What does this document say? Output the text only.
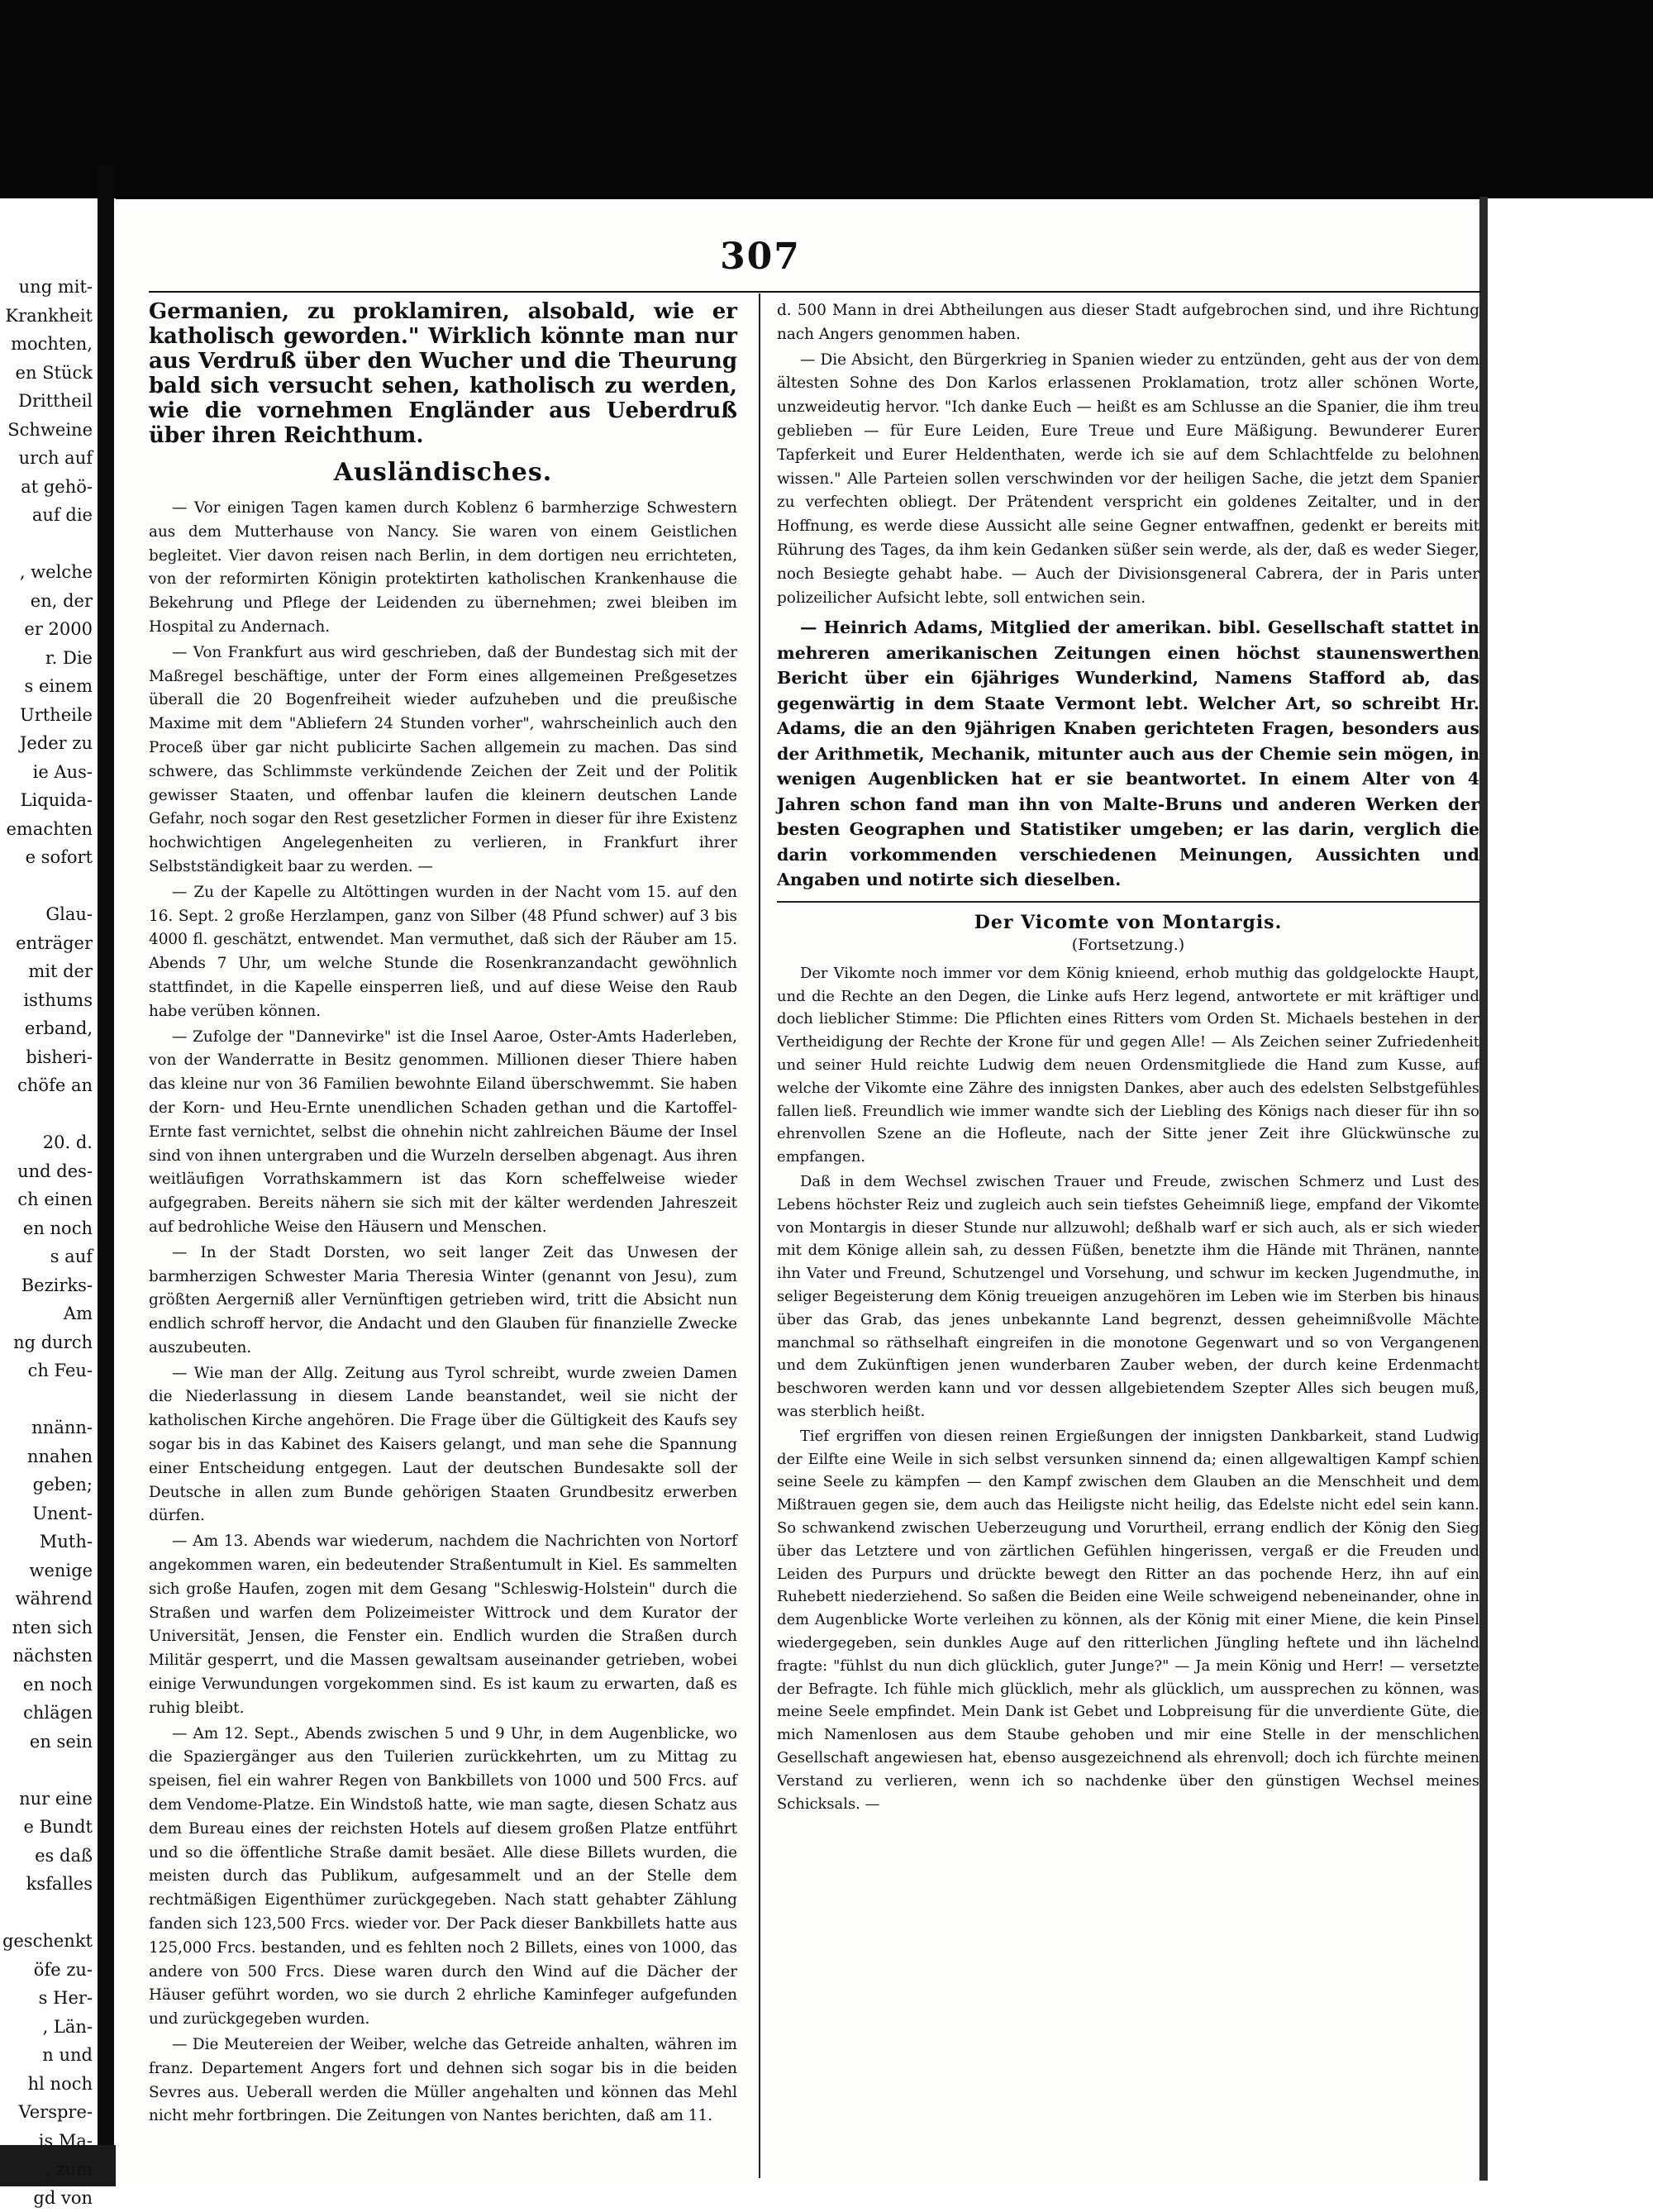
ung mit-
Krankheit
mochten,
en Stück
Drittheil
Schweine
urch auf
at gehö-
auf die
, welche
en, der
er 2000
r. Die
s einem
Urtheile
Jeder zu
ie Aus-
Liquida-
emachten
e sofort
Glau-
enträger
mit der
isthums
erband,
bisheri-
chöfe an
20. d.
und des-
ch einen
en noch
s auf
Bezirks-
Am
ng durch
ch Feu-
nnänn-
nnahen
geben;
Unent-
Muth-
wenige
während
nten sich
nächsten
en noch
chlägen
en sein
nur eine
e Bundt
es daß
ksfalles
geschenkt
öfe zu-
s Her-
, Län-
n und
hl noch
Verspre-
is Ma-
, zum
gd von
307

Germanien, zu proklamiren, alsobald, wie er katholisch geworden." Wirklich könnte man nur aus Verdruß über den Wucher und die Theurung bald sich versucht sehen, katholisch zu werden, wie die vornehmen Engländer aus Ueberdruß über ihren Reichthum.

Ausländisches.

— Vor einigen Tagen kamen durch Koblenz 6 barmherzige Schwestern aus dem Mutterhause von Nancy. Sie waren von einem Geistlichen begleitet. Vier davon reisen nach Berlin, in dem dortigen neu errichteten, von der reformirten Königin protektirten katholischen Krankenhause die Bekehrung und Pflege der Leidenden zu übernehmen; zwei bleiben im Hospital zu Andernach.

— Von Frankfurt aus wird geschrieben, daß der Bundestag sich mit der Maßregel beschäftige, unter der Form eines allgemeinen Preßgesetzes überall die 20 Bogenfreiheit wieder aufzuheben und die preußische Maxime mit dem "Abliefern 24 Stunden vorher", wahrscheinlich auch den Proceß über gar nicht publicirte Sachen allgemein zu machen. Das sind schwere, das Schlimmste verkündende Zeichen der Zeit und der Politik gewisser Staaten, und offenbar laufen die kleinern deutschen Lande Gefahr, noch sogar den Rest gesetzlicher Formen in dieser für ihre Existenz hochwichtigen Angelegenheiten zu verlieren, in Frankfurt ihrer Selbstständigkeit baar zu werden. —

— Zu der Kapelle zu Altöttingen wurden in der Nacht vom 15. auf den 16. Sept. 2 große Herzlampen, ganz von Silber (48 Pfund schwer) auf 3 bis 4000 fl. geschätzt, entwendet. Man vermuthet, daß sich der Räuber am 15. Abends 7 Uhr, um welche Stunde die Rosenkranzandacht gewöhnlich stattfindet, in die Kapelle einsperren ließ, und auf diese Weise den Raub habe verüben können.

— Zufolge der "Dannevirke" ist die Insel Aaroe, Oster-Amts Haderleben, von der Wanderratte in Besitz genommen. Millionen dieser Thiere haben das kleine nur von 36 Familien bewohnte Eiland überschwemmt. Sie haben der Korn- und Heu-Ernte unendlichen Schaden gethan und die Kartoffel-Ernte fast vernichtet, selbst die ohnehin nicht zahlreichen Bäume der Insel sind von ihnen untergraben und die Wurzeln derselben abgenagt. Aus ihren weitläufigen Vorrathskammern ist das Korn scheffelweise wieder aufgegraben. Bereits nähern sie sich mit der kälter werdenden Jahreszeit auf bedrohliche Weise den Häusern und Menschen.

— In der Stadt Dorsten, wo seit langer Zeit das Unwesen der barmherzigen Schwester Maria Theresia Winter (genannt von Jesu), zum größten Aergerniß aller Vernünftigen getrieben wird, tritt die Absicht nun endlich schroff hervor, die Andacht und den Glauben für finanzielle Zwecke auszubeuten.

— Wie man der Allg. Zeitung aus Tyrol schreibt, wurde zweien Damen die Niederlassung in diesem Lande beanstandet, weil sie nicht der katholischen Kirche angehören. Die Frage über die Gültigkeit des Kaufs sey sogar bis in das Kabinet des Kaisers gelangt, und man sehe die Spannung einer Entscheidung entgegen. Laut der deutschen Bundesakte soll der Deutsche in allen zum Bunde gehörigen Staaten Grundbesitz erwerben dürfen.

— Am 13. Abends war wiederum, nachdem die Nachrichten von Nortorf angekommen waren, ein bedeutender Straßentumult in Kiel. Es sammelten sich große Haufen, zogen mit dem Gesang "Schleswig-Holstein" durch die Straßen und warfen dem Polizeimeister Wittrock und dem Kurator der Universität, Jensen, die Fenster ein. Endlich wurden die Straßen durch Militär gesperrt, und die Massen gewaltsam auseinander getrieben, wobei einige Verwundungen vorgekommen sind. Es ist kaum zu erwarten, daß es ruhig bleibt.

— Am 12. Sept., Abends zwischen 5 und 9 Uhr, in dem Augenblicke, wo die Spaziergänger aus den Tuilerien zurückkehrten, um zu Mittag zu speisen, fiel ein wahrer Regen von Bankbillets von 1000 und 500 Frcs. auf dem Vendome-Platze. Ein Windstoß hatte, wie man sagte, diesen Schatz aus dem Bureau eines der reichsten Hotels auf diesem großen Platze entführt und so die öffentliche Straße damit besäet. Alle diese Billets wurden, die meisten durch das Publikum, aufgesammelt und an der Stelle dem rechtmäßigen Eigenthümer zurückgegeben. Nach statt gehabter Zählung fanden sich 123,500 Frcs. wieder vor. Der Pack dieser Bankbillets hatte aus 125,000 Frcs. bestanden, und es fehlten noch 2 Billets, eines von 1000, das andere von 500 Frcs. Diese waren durch den Wind auf die Dächer der Häuser geführt worden, wo sie durch 2 ehrliche Kaminfeger aufgefunden und zurückgegeben wurden.

— Die Meutereien der Weiber, welche das Getreide anhalten, währen im franz. Departement Angers fort und dehnen sich sogar bis in die beiden Sevres aus. Ueberall werden die Müller angehalten und können das Mehl nicht mehr fortbringen. Die Zeitungen von Nantes berichten, daß am 11.

d. 500 Mann in drei Abtheilungen aus dieser Stadt aufgebrochen sind, und ihre Richtung nach Angers genommen haben.

— Die Absicht, den Bürgerkrieg in Spanien wieder zu entzünden, geht aus der von dem ältesten Sohne des Don Karlos erlassenen Proklamation, trotz aller schönen Worte, unzweideutig hervor. "Ich danke Euch — heißt es am Schlusse an die Spanier, die ihm treu geblieben — für Eure Leiden, Eure Treue und Eure Mäßigung. Bewunderer Eurer Tapferkeit und Eurer Heldenthaten, werde ich sie auf dem Schlachtfelde zu belohnen wissen." Alle Parteien sollen verschwinden vor der heiligen Sache, die jetzt dem Spanier zu verfechten obliegt. Der Prätendent verspricht ein goldenes Zeitalter, und in der Hoffnung, es werde diese Aussicht alle seine Gegner entwaffnen, gedenkt er bereits mit Rührung des Tages, da ihm kein Gedanken süßer sein werde, als der, daß es weder Sieger, noch Besiegte gehabt habe. — Auch der Divisionsgeneral Cabrera, der in Paris unter polizeilicher Aufsicht lebte, soll entwichen sein.

— Heinrich Adams, Mitglied der amerikan. bibl. Gesellschaft stattet in mehreren amerikanischen Zeitungen einen höchst staunenswerthen Bericht über ein 6jähriges Wunderkind, Namens Stafford ab, das gegenwärtig in dem Staate Vermont lebt. Welcher Art, so schreibt Hr. Adams, die an den 9jährigen Knaben gerichteten Fragen, besonders aus der Arithmetik, Mechanik, mitunter auch aus der Chemie sein mögen, in wenigen Augenblicken hat er sie beantwortet. In einem Alter von 4 Jahren schon fand man ihn von Malte-Bruns und anderen Werken der besten Geographen und Statistiker umgeben; er las darin, verglich die darin vorkommenden verschiedenen Meinungen, Aussichten und Angaben und notirte sich dieselben.

Der Vicomte von Montargis.
(Fortsetzung.)

Der Vikomte noch immer vor dem König knieend, erhob muthig das goldgelockte Haupt, und die Rechte an den Degen, die Linke aufs Herz legend, antwortete er mit kräftiger und doch lieblicher Stimme: Die Pflichten eines Ritters vom Orden St. Michaels bestehen in der Vertheidigung der Rechte der Krone für und gegen Alle! — Als Zeichen seiner Zufriedenheit und seiner Huld reichte Ludwig dem neuen Ordensmitgliede die Hand zum Kusse, auf welche der Vikomte eine Zähre des innigsten Dankes, aber auch des edelsten Selbstgefühles fallen ließ. Freundlich wie immer wandte sich der Liebling des Königs nach dieser für ihn so ehrenvollen Szene an die Hofleute, nach der Sitte jener Zeit ihre Glückwünsche zu empfangen.

Daß in dem Wechsel zwischen Trauer und Freude, zwischen Schmerz und Lust des Lebens höchster Reiz und zugleich auch sein tiefstes Geheimniß liege, empfand der Vikomte von Montargis in dieser Stunde nur allzuwohl; deßhalb warf er sich auch, als er sich wieder mit dem Könige allein sah, zu dessen Füßen, benetzte ihm die Hände mit Thränen, nannte ihn Vater und Freund, Schutzengel und Vorsehung, und schwur im kecken Jugendmuthe, in seliger Begeisterung dem König treueigen anzugehören im Leben wie im Sterben bis hinaus über das Grab, das jenes unbekannte Land begrenzt, dessen geheimnißvolle Mächte manchmal so räthselhaft eingreifen in die monotone Gegenwart und so von Vergangenen und dem Zukünftigen jenen wunderbaren Zauber weben, der durch keine Erdenmacht beschworen werden kann und vor dessen allgebietendem Szepter Alles sich beugen muß, was sterblich heißt.

Tief ergriffen von diesen reinen Ergießungen der innigsten Dankbarkeit, stand Ludwig der Eilfte eine Weile in sich selbst versunken sinnend da; einen allgewaltigen Kampf schien seine Seele zu kämpfen — den Kampf zwischen dem Glauben an die Menschheit und dem Mißtrauen gegen sie, dem auch das Heiligste nicht heilig, das Edelste nicht edel sein kann. So schwankend zwischen Ueberzeugung und Vorurtheil, errang endlich der König den Sieg über das Letztere und von zärtlichen Gefühlen hingerissen, vergaß er die Freuden und Leiden des Purpurs und drückte bewegt den Ritter an das pochende Herz, ihn auf ein Ruhebett niederziehend. So saßen die Beiden eine Weile schweigend nebeneinander, ohne in dem Augenblicke Worte verleihen zu können, als der König mit einer Miene, die kein Pinsel wiedergegeben, sein dunkles Auge auf den ritterlichen Jüngling heftete und ihn lächelnd fragte: "fühlst du nun dich glücklich, guter Junge?" — Ja mein König und Herr! — versetzte der Befragte. Ich fühle mich glücklich, mehr als glücklich, um aussprechen zu können, was meine Seele empfindet. Mein Dank ist Gebet und Lobpreisung für die unverdiente Güte, die mich Namenlosen aus dem Staube gehoben und mir eine Stelle in der menschlichen Gesellschaft angewiesen hat, ebenso ausgezeichnend als ehrenvoll; doch ich fürchte meinen Verstand zu verlieren, wenn ich so nachdenke über den günstigen Wechsel meines Schicksals. —
